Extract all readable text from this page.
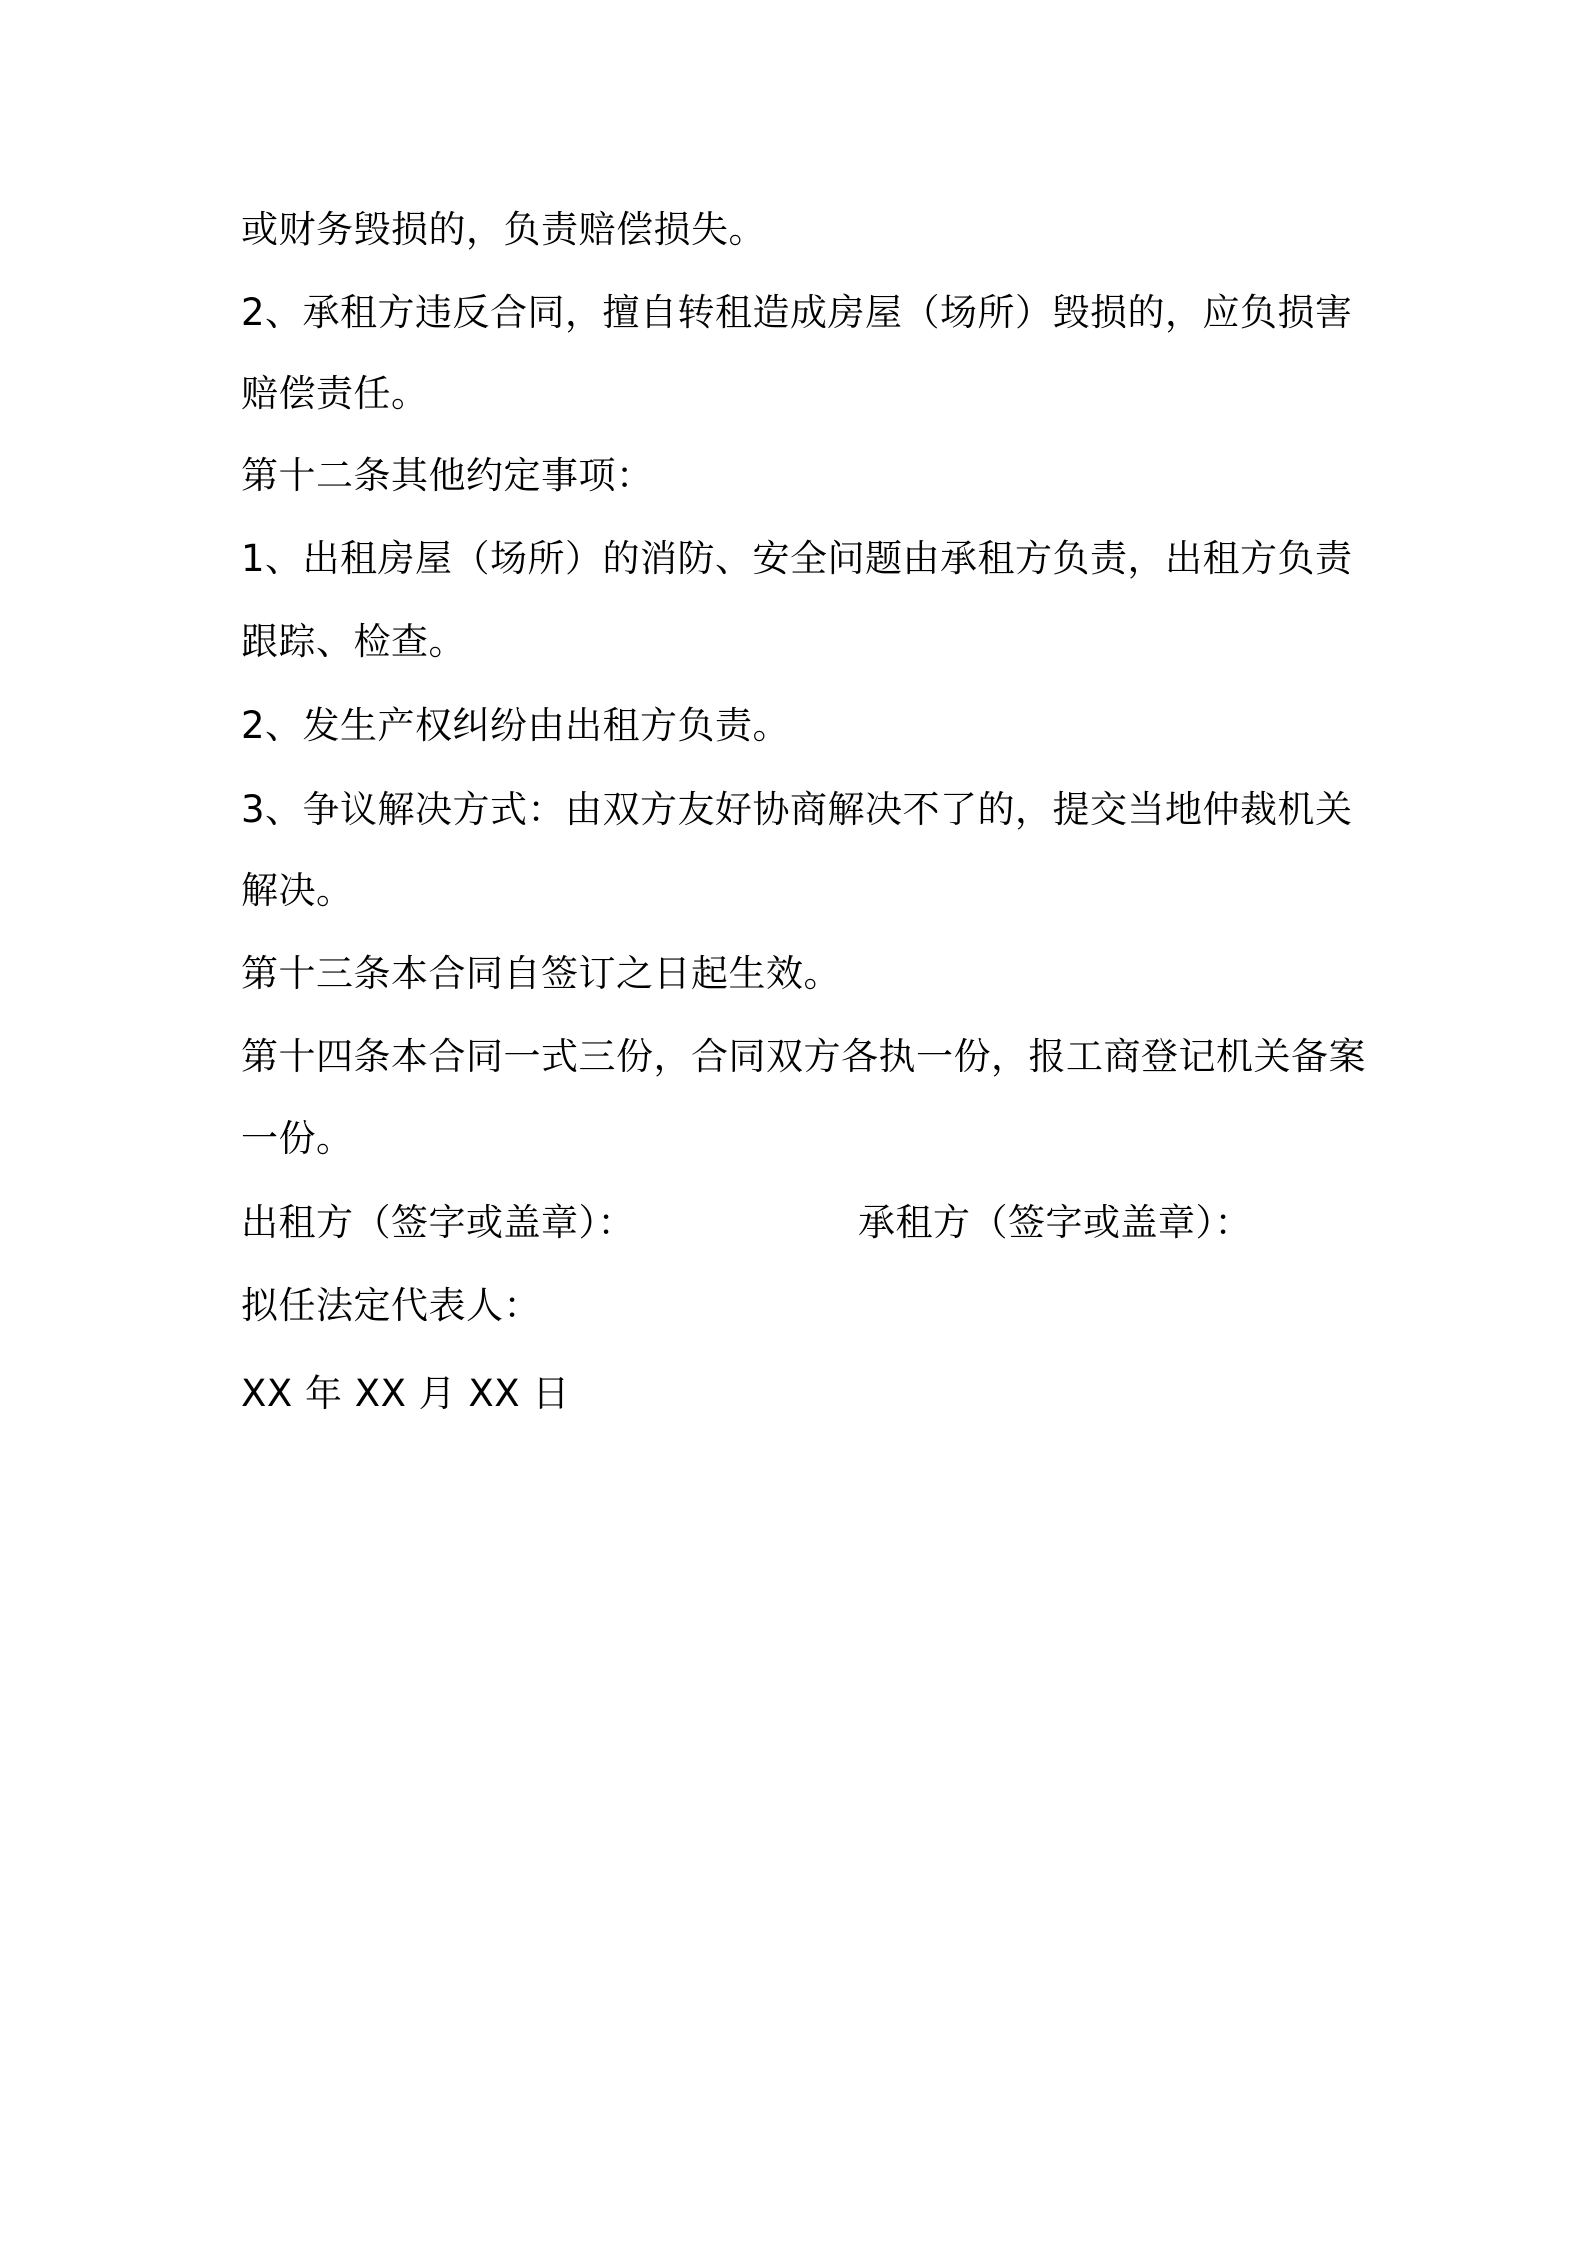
或财务毁损的，负责赔偿损失。
2、承租方违反合同，擅自转租造成房屋（场所）毁损的，应负损害
赔偿责任。
第十二条其他约定事项：
1、出租房屋（场所）的消防、安全问题由承租方负责，出租方负责
跟踪、检查。
2、发生产权纠纷由出租方负责。
3、争议解决方式：由双方友好协商解决不了的，提交当地仲裁机关
解决。
第十三条本合同自签订之日起生效。
第十四条本合同一式三份，合同双方各执一份，报工商登记机关备案
一份。
出租方（签字或盖章）：	承租方（签字或盖章）：
拟任法定代表人：
XX 年 XX 月 XX 日
